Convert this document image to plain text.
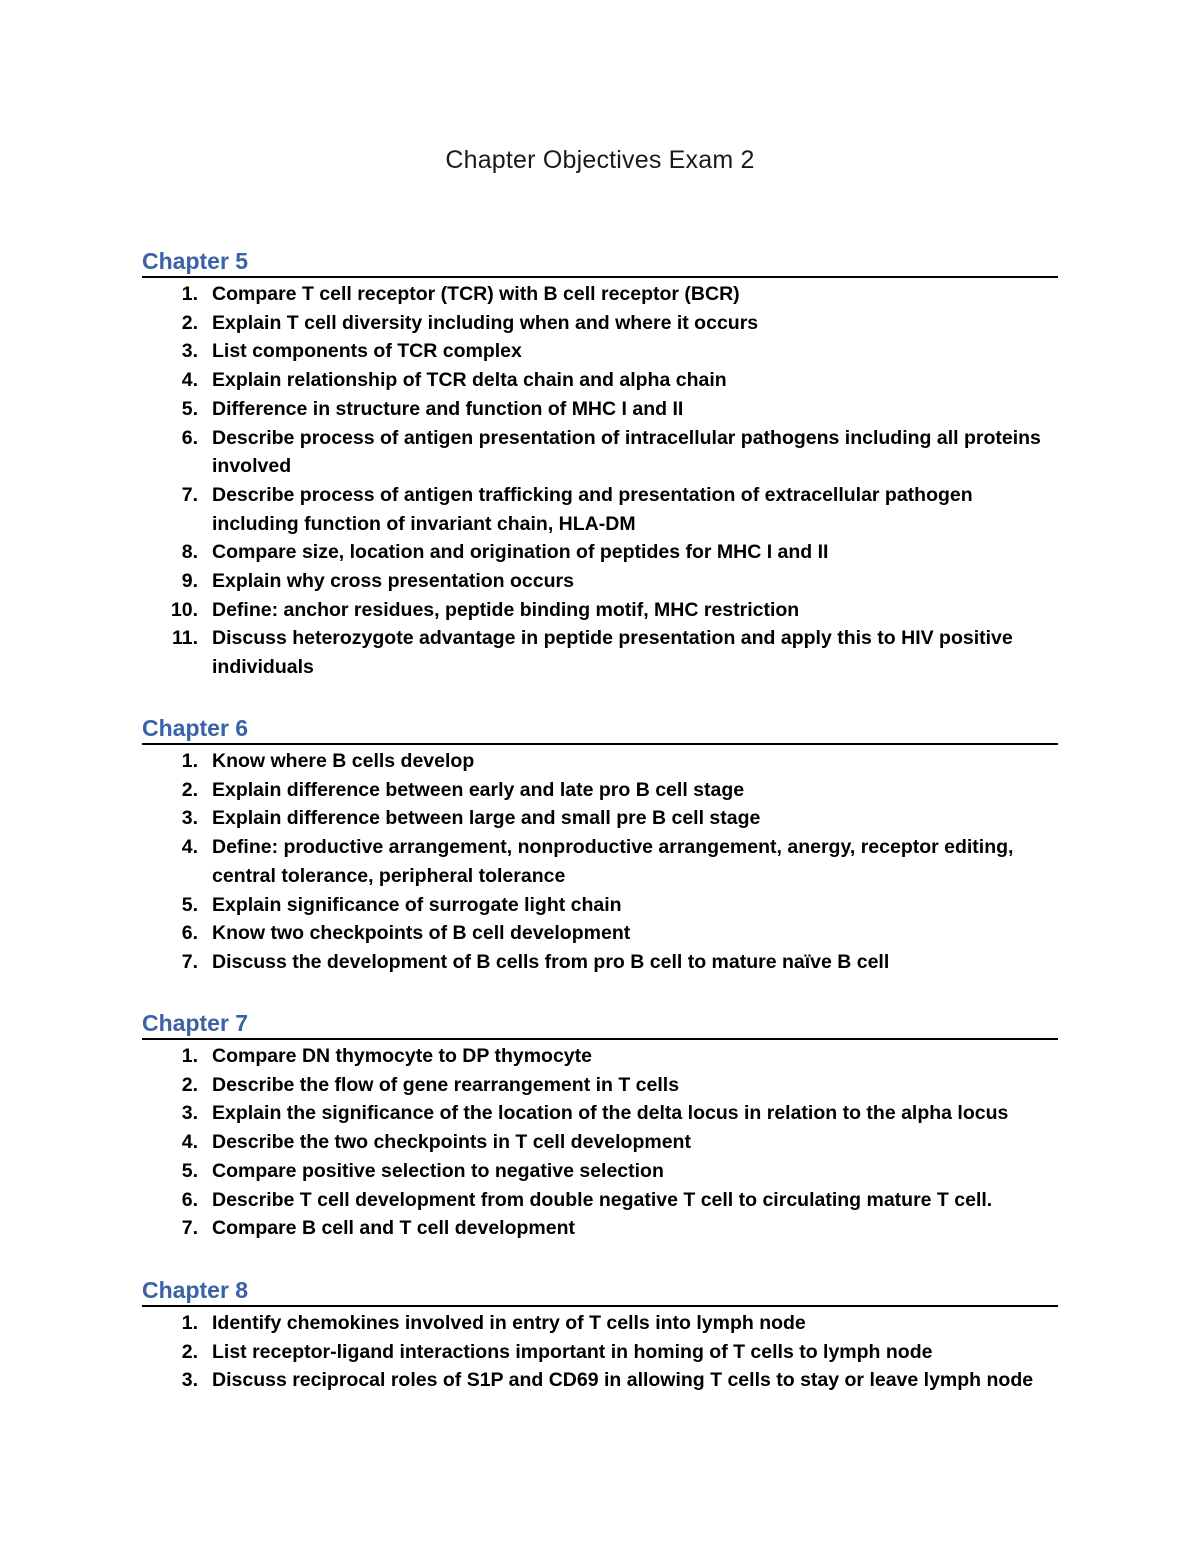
Chapter Objectives Exam 2
Chapter 5
1. Compare T cell receptor (TCR) with B cell receptor (BCR)
2. Explain T cell diversity including when and where it occurs
3. List components of TCR complex
4. Explain relationship of TCR delta chain and alpha chain
5. Difference in structure and function of MHC I and II
6. Describe process of antigen presentation of intracellular pathogens including all proteins involved
7. Describe process of antigen trafficking and presentation of extracellular pathogen including function of invariant chain, HLA-DM
8. Compare size, location and origination of peptides for MHC I and II
9. Explain why cross presentation occurs
10. Define: anchor residues, peptide binding motif, MHC restriction
11. Discuss heterozygote advantage in peptide presentation and apply this to HIV positive individuals
Chapter 6
1. Know where B cells develop
2. Explain difference between early and late pro B cell stage
3. Explain difference between large and small pre B cell stage
4. Define: productive arrangement, nonproductive arrangement, anergy, receptor editing, central tolerance, peripheral tolerance
5. Explain significance of surrogate light chain
6. Know two checkpoints of B cell development
7. Discuss the development of B cells from pro B cell to mature naïve B cell
Chapter 7
1. Compare DN thymocyte to DP thymocyte
2. Describe the flow of gene rearrangement in T cells
3. Explain the significance of the location of the delta locus in relation to the alpha locus
4. Describe the two checkpoints in T cell development
5. Compare positive selection to negative selection
6. Describe T cell development from double negative T cell to circulating mature T cell.
7. Compare B cell and T cell development
Chapter 8
1. Identify chemokines involved in entry of T cells into lymph node
2. List receptor-ligand interactions important in homing of T cells to lymph node
3. Discuss reciprocal roles of S1P and CD69 in allowing T cells to stay or leave lymph node
